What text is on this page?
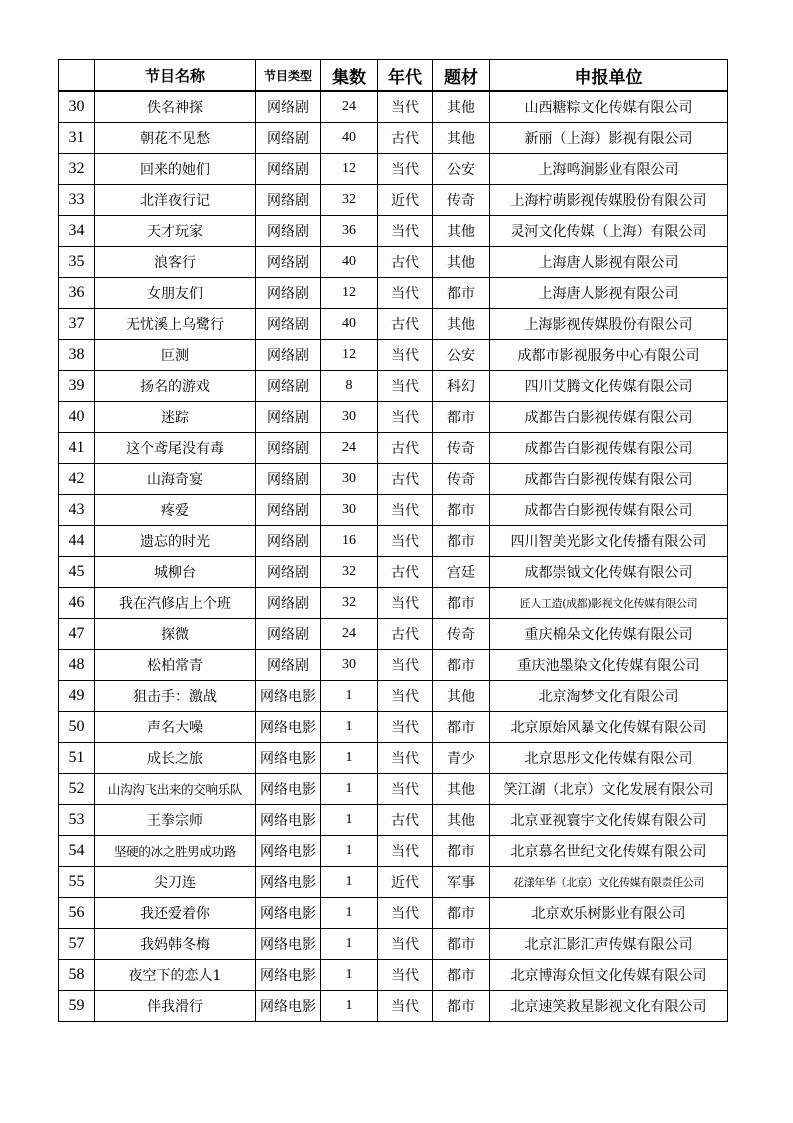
	节目名称	节目类型	集数	年代	题材	申报单位
30	佚名神探	网络剧	24	当代	其他	山西糖粽文化传媒有限公司
31	朝花不见愁	网络剧	40	古代	其他	新丽（上海）影视有限公司
32	回来的她们	网络剧	12	当代	公安	上海鸣涧影业有限公司
33	北洋夜行记	网络剧	32	近代	传奇	上海柠萌影视传媒股份有限公司
34	天才玩家	网络剧	36	当代	其他	灵河文化传媒（上海）有限公司
35	浪客行	网络剧	40	古代	其他	上海唐人影视有限公司
36	女朋友们	网络剧	12	当代	都市	上海唐人影视有限公司
37	无忧溪上乌鹭行	网络剧	40	古代	其他	上海影视传媒股份有限公司
38	叵测	网络剧	12	当代	公安	成都市影视服务中心有限公司
39	扬名的游戏	网络剧	8	当代	科幻	四川艾腾文化传媒有限公司
40	迷踪	网络剧	30	当代	都市	成都告白影视传媒有限公司
41	这个鸢尾没有毒	网络剧	24	古代	传奇	成都告白影视传媒有限公司
42	山海奇宴	网络剧	30	古代	传奇	成都告白影视传媒有限公司
43	疼爱	网络剧	30	当代	都市	成都告白影视传媒有限公司
44	遗忘的时光	网络剧	16	当代	都市	四川智美光影文化传播有限公司
45	城柳台	网络剧	32	古代	宫廷	成都崇钺文化传媒有限公司
46	我在汽修店上个班	网络剧	32	当代	都市	匠人工造(成都)影视文化传媒有限公司
47	探微	网络剧	24	古代	传奇	重庆棉朵文化传媒有限公司
48	松柏常青	网络剧	30	当代	都市	重庆池墨染文化传媒有限公司
49	狙击手：激战	网络电影	1	当代	其他	北京淘梦文化有限公司
50	声名大噪	网络电影	1	当代	都市	北京原始风暴文化传媒有限公司
51	成长之旅	网络电影	1	当代	青少	北京思彤文化传媒有限公司
52	山沟沟飞出来的交响乐队	网络电影	1	当代	其他	笑江湖（北京）文化发展有限公司
53	王拳宗师	网络电影	1	古代	其他	北京亚视寰宇文化传媒有限公司
54	坚硬的冰之胜男成功路	网络电影	1	当代	都市	北京慕名世纪文化传媒有限公司
55	尖刀连	网络电影	1	近代	军事	花漾年华（北京）文化传媒有限责任公司
56	我还爱着你	网络电影	1	当代	都市	北京欢乐树影业有限公司
57	我妈韩冬梅	网络电影	1	当代	都市	北京汇影汇声传媒有限公司
58	夜空下的恋人1	网络电影	1	当代	都市	北京博海众恒文化传媒有限公司
59	伴我滑行	网络电影	1	当代	都市	北京速笑救星影视文化有限公司
